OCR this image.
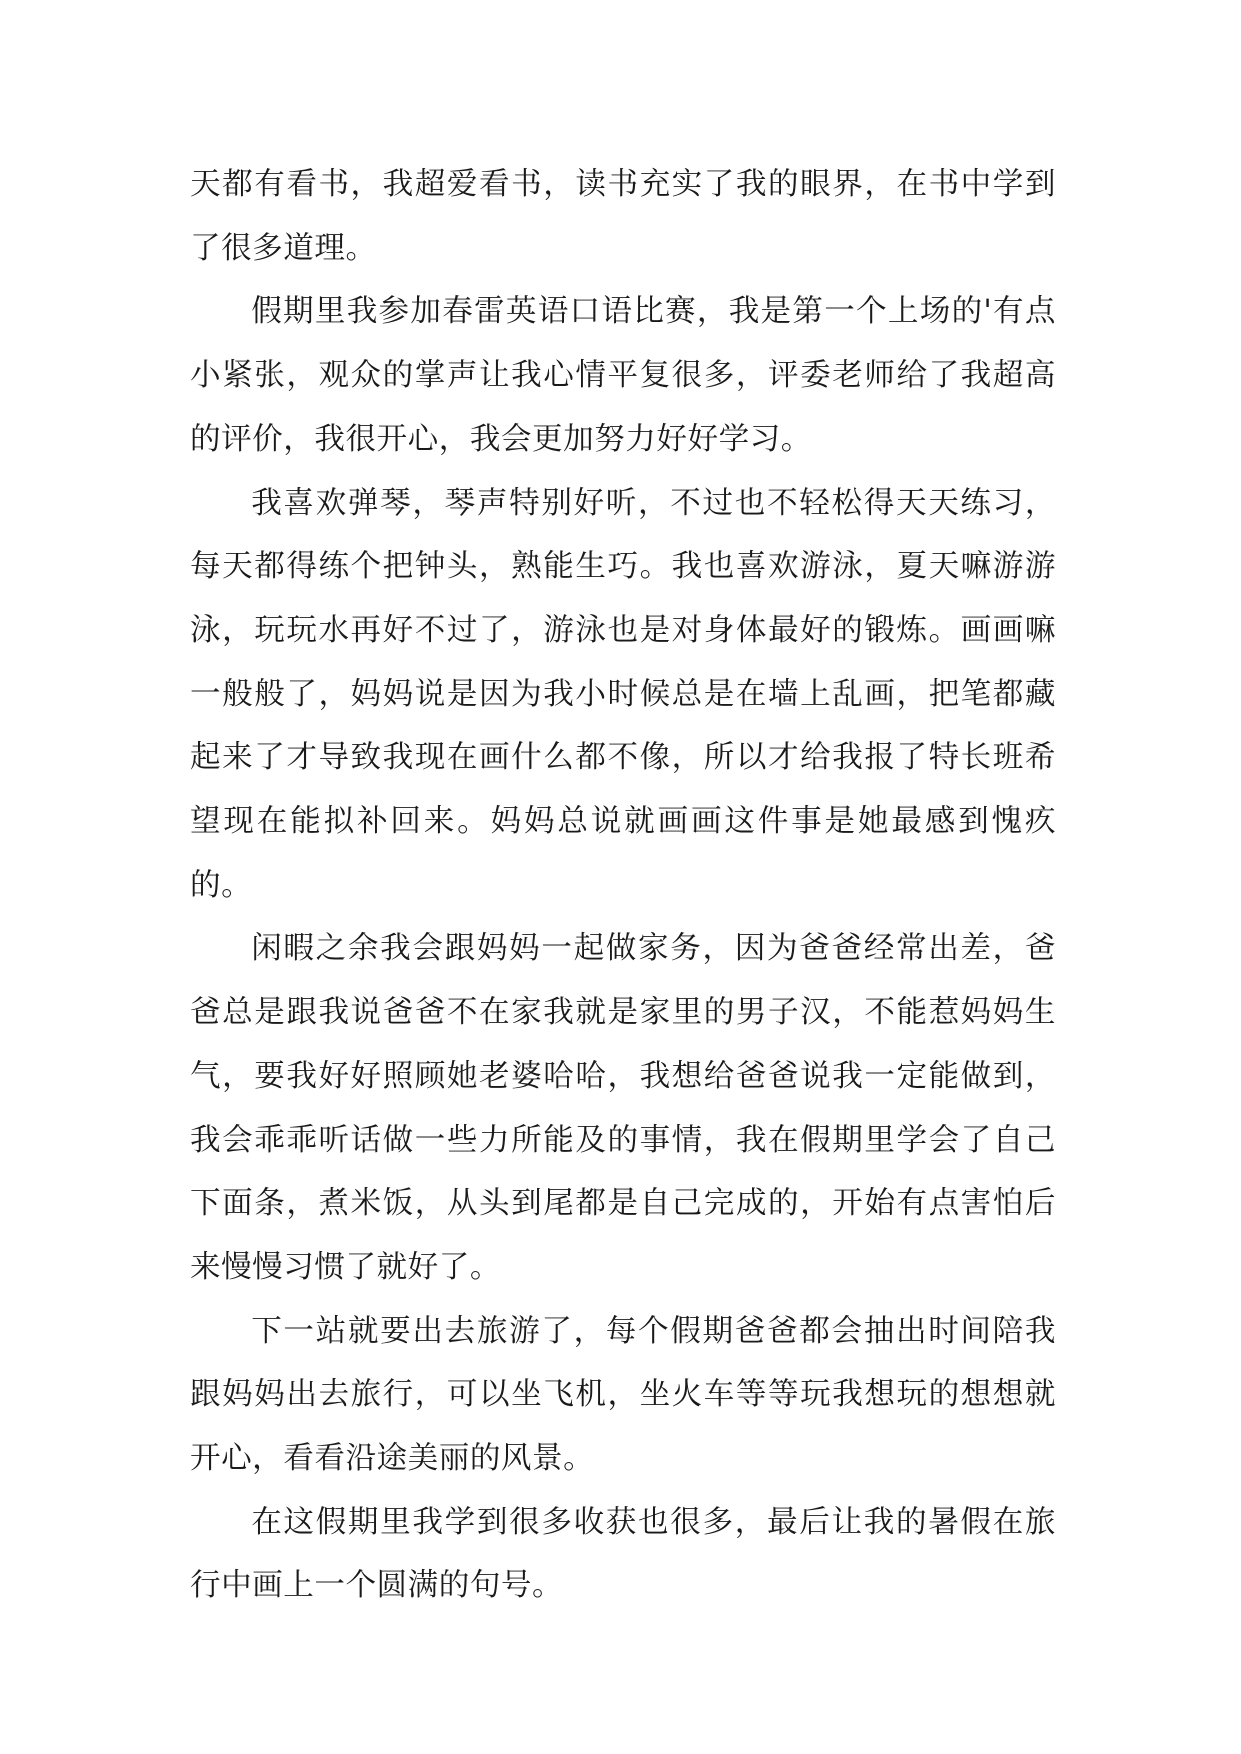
天都有看书，我超爱看书，读书充实了我的眼界，在书中学到了很多道理。

假期里我参加春雷英语口语比赛，我是第一个上场的'有点小紧张，观众的掌声让我心情平复很多，评委老师给了我超高的评价，我很开心，我会更加努力好好学习。

我喜欢弹琴，琴声特别好听，不过也不轻松得天天练习，每天都得练个把钟头，熟能生巧。我也喜欢游泳，夏天嘛游游泳，玩玩水再好不过了，游泳也是对身体最好的锻炼。画画嘛一般般了，妈妈说是因为我小时候总是在墙上乱画，把笔都藏起来了才导致我现在画什么都不像，所以才给我报了特长班希望现在能拟补回来。妈妈总说就画画这件事是她最感到愧疚的。

闲暇之余我会跟妈妈一起做家务，因为爸爸经常出差，爸爸总是跟我说爸爸不在家我就是家里的男子汉，不能惹妈妈生气，要我好好照顾她老婆哈哈，我想给爸爸说我一定能做到，我会乖乖听话做一些力所能及的事情，我在假期里学会了自己下面条，煮米饭，从头到尾都是自己完成的，开始有点害怕后来慢慢习惯了就好了。

下一站就要出去旅游了，每个假期爸爸都会抽出时间陪我跟妈妈出去旅行，可以坐飞机，坐火车等等玩我想玩的想想就开心，看看沿途美丽的风景。

在这假期里我学到很多收获也很多，最后让我的暑假在旅行中画上一个圆满的句号。
